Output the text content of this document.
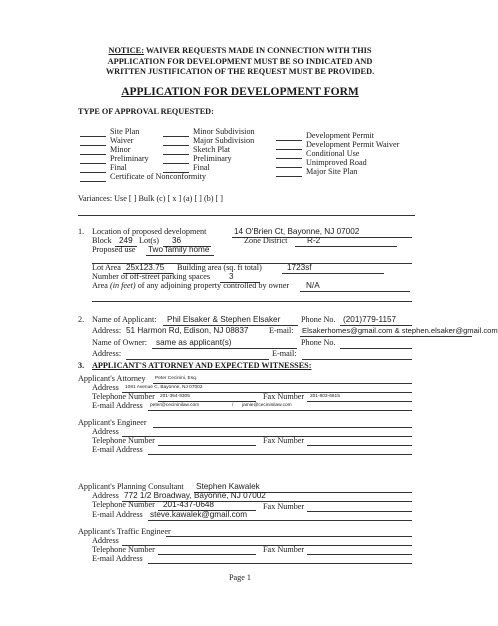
NOTICE: WAIVER REQUESTS MADE IN CONNECTION WITH THIS
APPLICATION FOR DEVELOPMENT MUST BE SO INDICATED AND
WRITTEN JUSTIFICATION OF THE REQUEST MUST BE PROVIDED.
APPLICATION FOR DEVELOPMENT FORM
TYPE OF APPROVAL REQUESTED:
Site Plan
Waiver
Minor
Preliminary
Final
Certificate of Nonconformity
Minor Subdivision
Major Subdivision
Sketch Plat
Preliminary
Final
Development Permit
Development Permit Waiver
Conditional Use
Unimproved Road
Major Site Plan
Variances: Use [ ] Bulk (c) [ x ] (a) [ ] (b) [ ]
1. Location of proposed development	14 O'Brien Ct, Bayonne, NJ 07002
Block 249 Lot(s) 36	Zone District R-2
Proposed use Two family home
Lot Area 25x123.75 Building area (sq. ft total)	1723sf
Number of off-street parking spaces 3
Area (in feet) of any adjoining property controlled by owner N/A
2. Name of Applicant: Phil Elsaker & Stephen Elsaker	Phone No. (201)779-1157
Address: 51 Harmon Rd, Edison, NJ 08837	E-mail: Elsakerhomes@gmail.com & stephen.elsaker@gmail.com
Name of Owner: same as applicant(s)	Phone No.
Address:	E-mail:
3. APPLICANT'S ATTORNEY AND EXPECTED WITNESSES:
Applicant's Attorney Peter Cecinini, Esq.
Address 1081 Avenue C, Bayonne, NJ 07002
Telephone Number 201-354-9305	Fax Number 201-603-6615
E-mail Address peter@cecininilaw.com	/ jamie@cecininilaw.com
Applicant's Engineer
Address
Telephone Number	Fax Number
E-mail Address
Applicant's Planning Consultant Stephen Kawalek
Address 772 1/2 Broadway, Bayonne, NJ 07002
Telephone Number 201-437-0648	Fax Number
E-mail Address steve.kawalek@gmail.com
Applicant's Traffic Engineer
Address
Telephone Number	Fax Number
E-mail Address
Page 1
